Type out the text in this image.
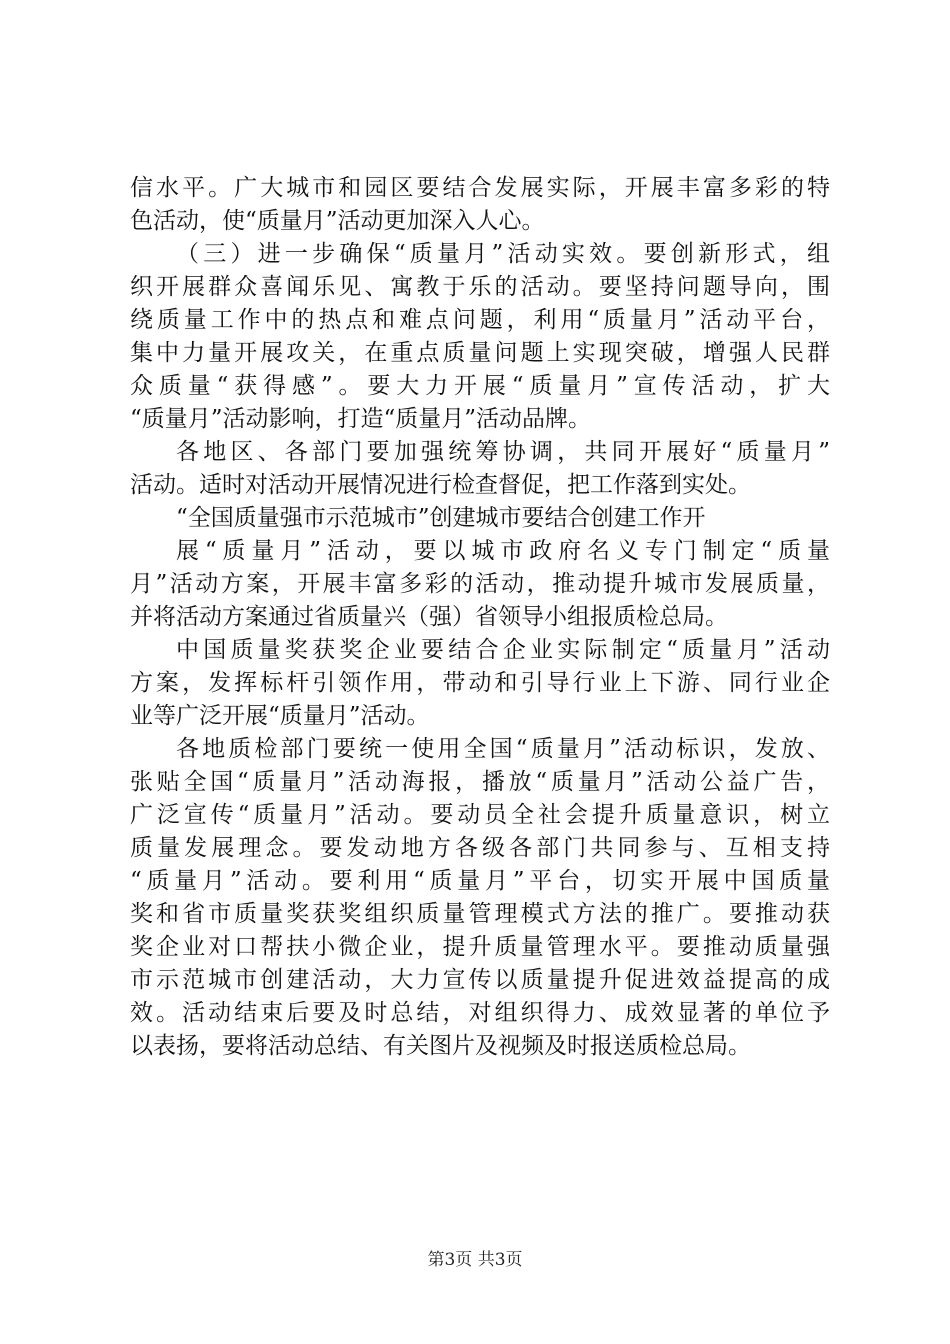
信水平。广大城市和园区要结合发展实际，开展丰富多彩的特
色活动，使“质量月”活动更加深入人心。
（三）进一步确保“质量月”活动实效。要创新形式，组
织开展群众喜闻乐见、寓教于乐的活动。要坚持问题导向，围
绕质量工作中的热点和难点问题，利用“质量月”活动平台，
集中力量开展攻关，在重点质量问题上实现突破，增强人民群
众质量“获得感”。要大力开展“质量月”宣传活动，扩大
“质量月”活动影响，打造“质量月”活动品牌。
各地区、各部门要加强统筹协调，共同开展好“质量月”
活动。适时对活动开展情况进行检查督促，把工作落到实处。
“全国质量强市示范城市”创建城市要结合创建工作开
展“质量月”活动，要以城市政府名义专门制定“质量
月”活动方案，开展丰富多彩的活动，推动提升城市发展质量，
并将活动方案通过省质量兴（强）省领导小组报质检总局。
中国质量奖获奖企业要结合企业实际制定“质量月”活动
方案，发挥标杆引领作用，带动和引导行业上下游、同行业企
业等广泛开展“质量月”活动。
各地质检部门要统一使用全国“质量月”活动标识，发放、
张贴全国“质量月”活动海报，播放“质量月”活动公益广告，
广泛宣传“质量月”活动。要动员全社会提升质量意识，树立
质量发展理念。要发动地方各级各部门共同参与、互相支持
“质量月”活动。要利用“质量月”平台，切实开展中国质量
奖和省市质量奖获奖组织质量管理模式方法的推广。要推动获
奖企业对口帮扶小微企业，提升质量管理水平。要推动质量强
市示范城市创建活动，大力宣传以质量提升促进效益提高的成
效。活动结束后要及时总结，对组织得力、成效显著的单位予
以表扬，要将活动总结、有关图片及视频及时报送质检总局。
第3页 共3页
